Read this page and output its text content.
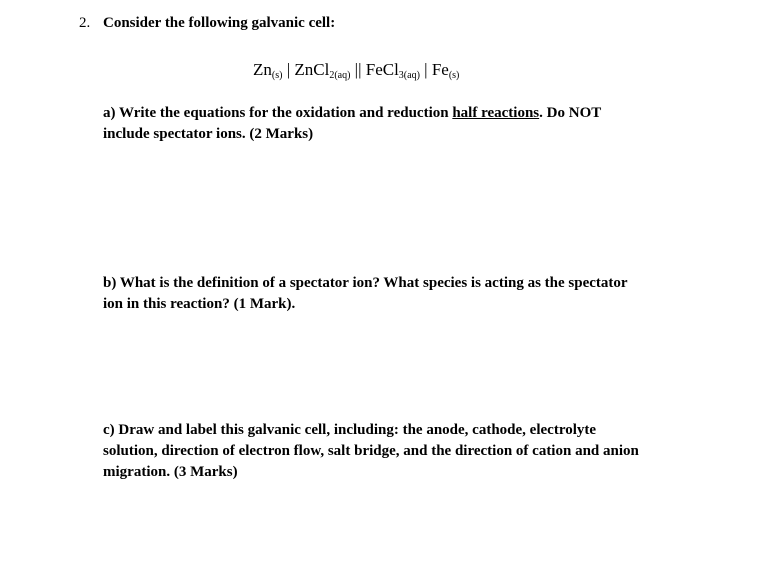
2. Consider the following galvanic cell:
$Zn_{(s)}$ | ZnCl$_{2(aq)}$ || FeCl$_{3(aq)}$ | $Fe_{(s)}$
a) Write the equations for the oxidation and reduction half reactions. Do NOT
include spectator ions. (2 Marks)
b) What is the definition of a spectator ion? What species is acting as the spectator
ion in this reaction? (1 Mark).
c) Draw and label this galvanic cell, including: the anode, cathode, electrolyte
solution, direction of electron flow, salt bridge, and the direction of cation and anion
migration. (3 Marks)
